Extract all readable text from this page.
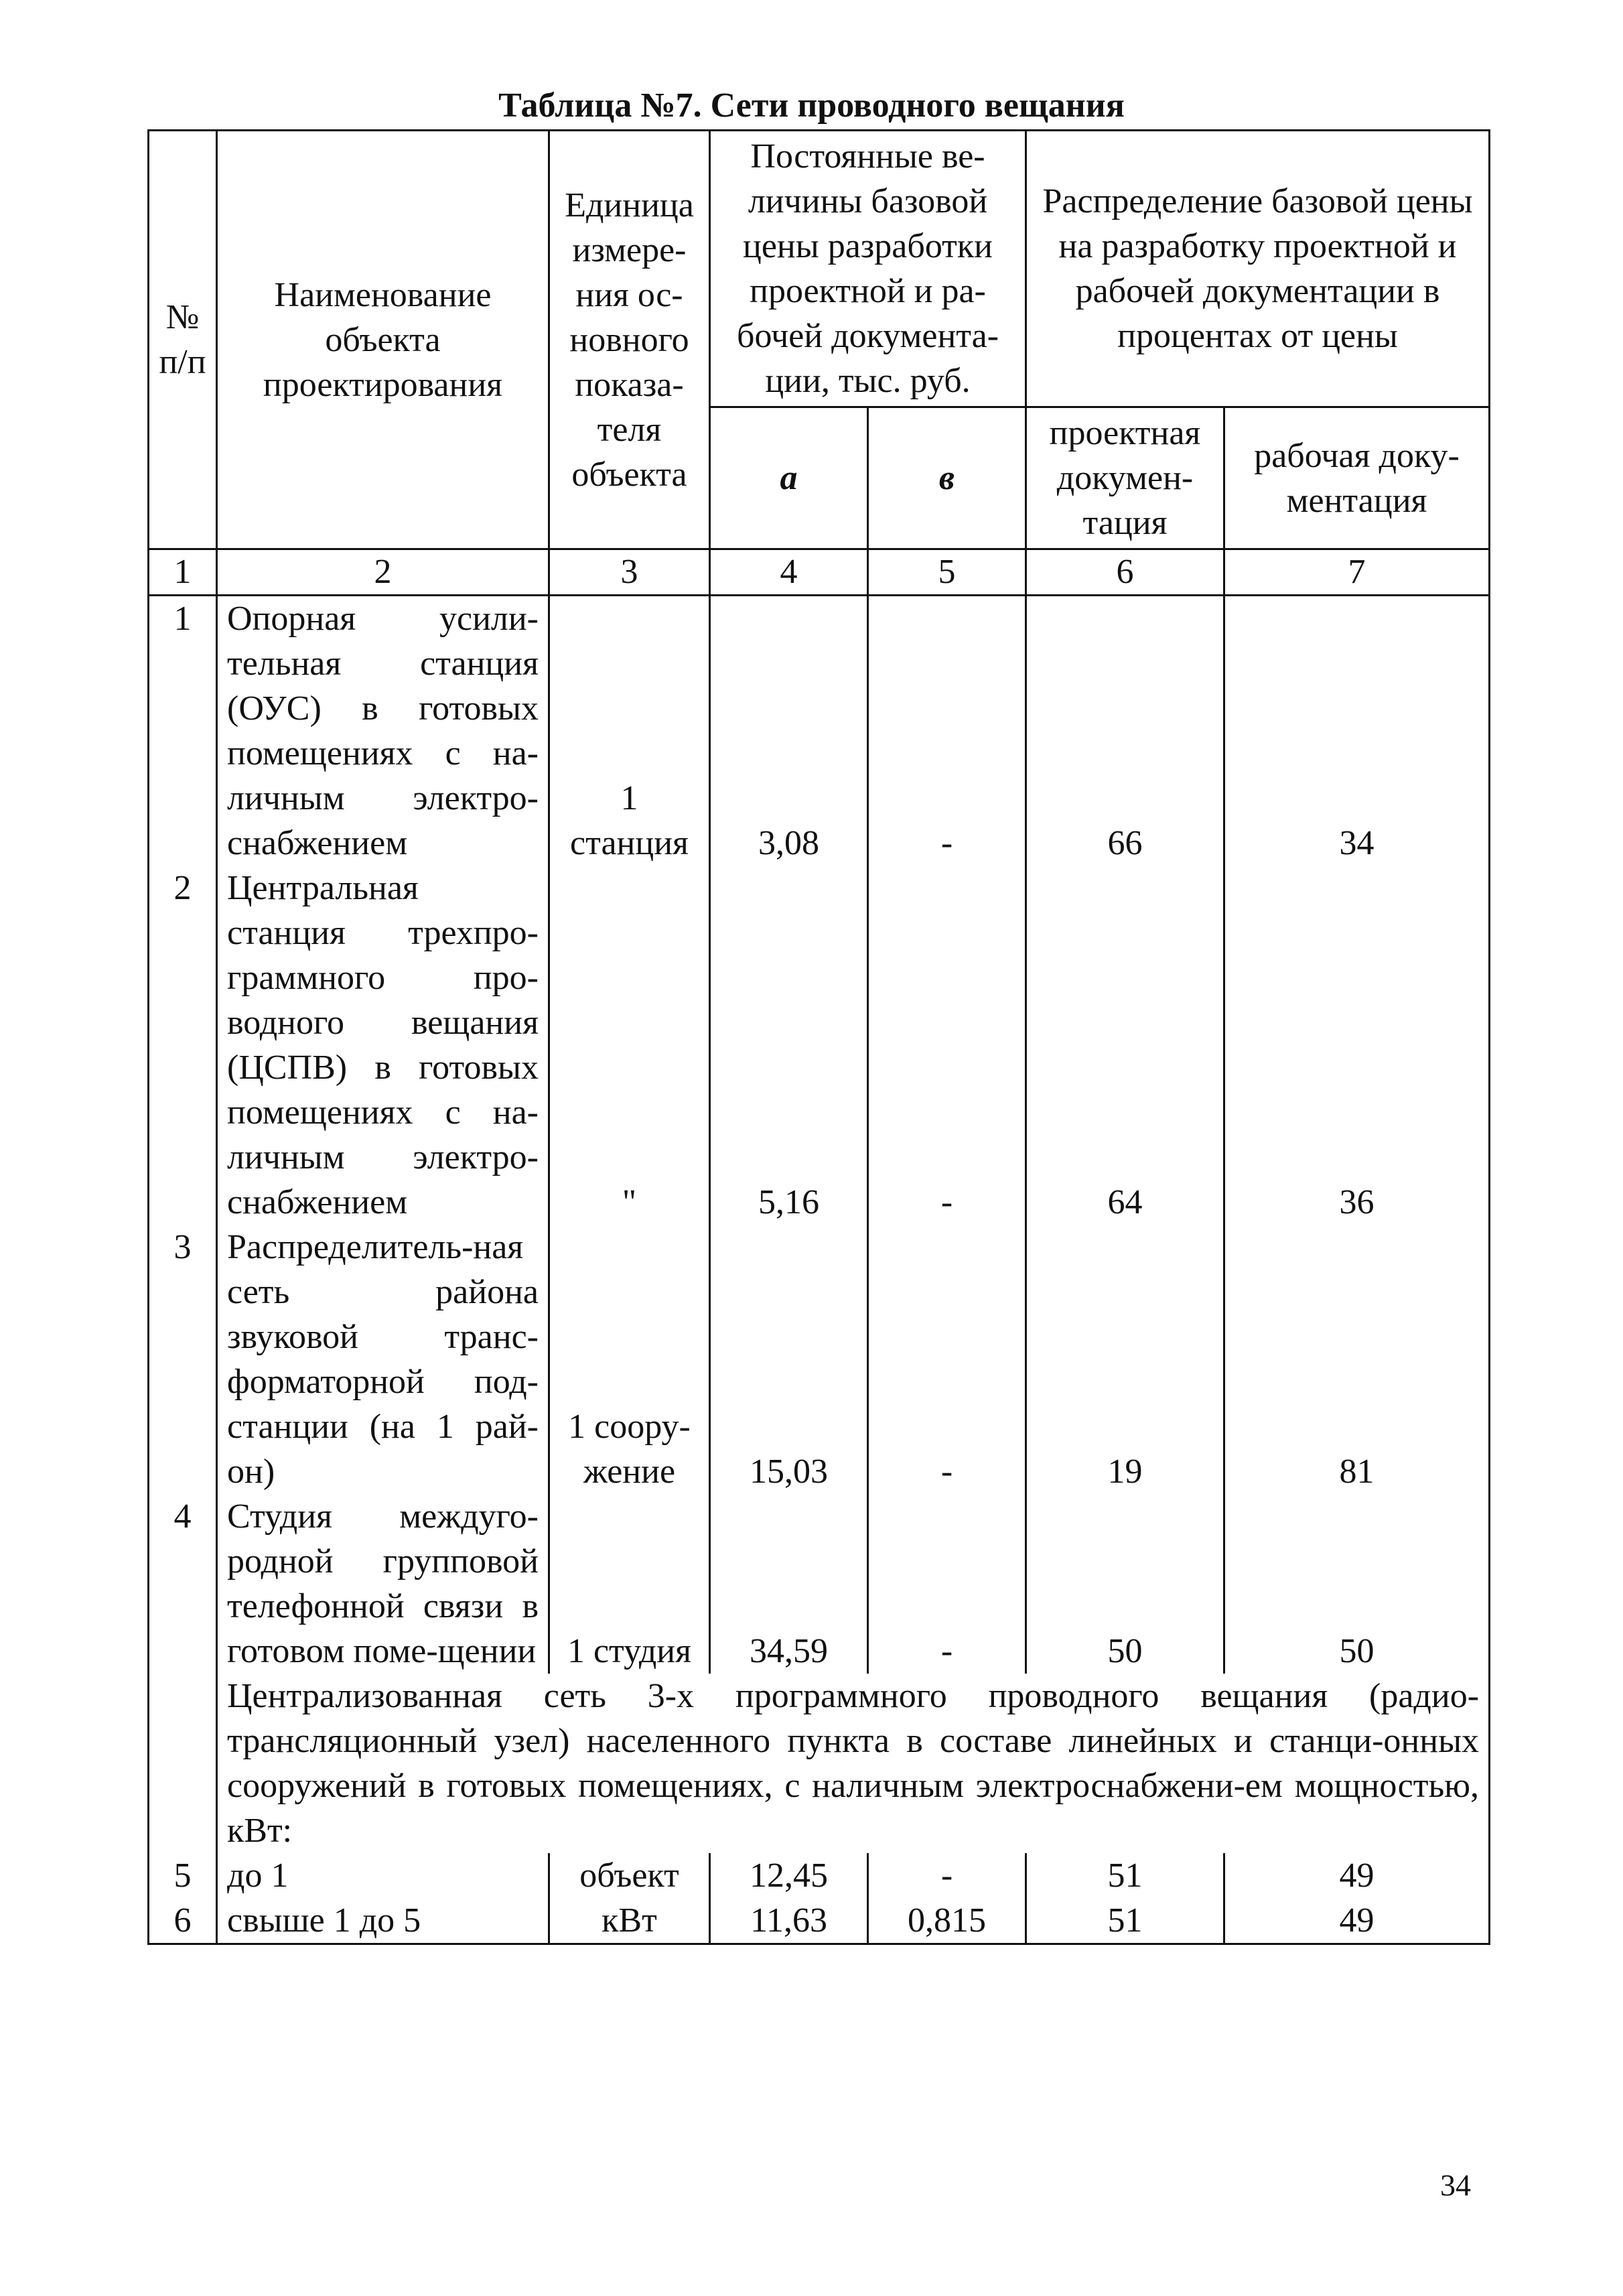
Таблица №7. Сети проводного вещания
№ п/п	Наименование объекта проектирования	Единица измере-ния ос-новного показа-теля объекта	Постоянные ве-личины базовой цены разработки проектной и ра-бочей документа-ции, тыс. руб.		Распределение базовой цены на разработку проектной и рабочей документации в процентах от цены	
			а	в	проектная докумен-тация	рабочая доку-ментация
1	2	3	4	5	6	7
1	Опорная усили-тельная станция (ОУС) в готовых помещениях с на-личным электро-снабжением	1 станция	3,08	-	66	34
2	Центральная станция трехпро-граммного про-водного вещания (ЦСПВ) в готовых помещениях с на-личным электро-снабжением	"	5,16	-	64	36
3	Распределитель-ная сеть района звуковой транс-форматорной под-станции (на 1 рай-он)	1 соору-жение	15,03	-	19	81
4	Студия междуго-родной групповой телефонной связи в готовом поме-щении	1 студия	34,59	-	50	50
	Централизованная сеть 3-х программного проводного вещания (радио-трансляционный узел) населенного пункта в составе линейных и станци-онных сооружений в готовых помещениях, с наличным электроснабжени-ем мощностью, кВт:					
5	до 1	объект	12,45	-	51	49
6	свыше 1 до 5	кВт	11,63	0,815	51	49
34
